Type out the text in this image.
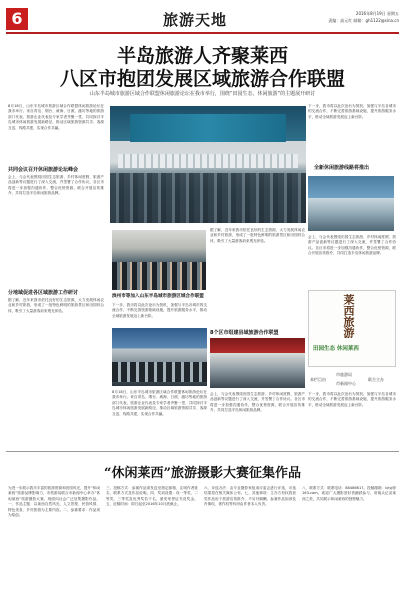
6	旅游天地	2016年8月19日 星期五
责编：高元红 邮箱：gh1122@sina.cn
半岛旅游人齐聚莱西
八区市抱团发展区域旅游合作联盟
山东半岛城市旅游区域合作联盟休闲旅游论坛在我市举行，围绕“田园生态，休闲旅游”的主题展开研讨
8月18日，山东半岛城市旅游区域合作联盟休闲旅游论坛在我市举行。来自青岛、烟台、威海、日照、潍坊等地的旅游部门代表，旅游企业代表及专家学者齐聚一堂，共同探讨半岛城市休闲旅游发展新路径，推动区域旅游资源共享、客源互送、线路共建，实现合作共赢。
共同会议召开休闲旅游论坛峰会
会上，与会代表围绕田园生态旅游、乡村休闲度假、旅游产品创新等议题进行了深入交流，并签署了合作协议。各区市将进一步加强沟通协作，整合优势资源，联合开展宣传推介，共同打造半岛休闲旅游品牌。
分地域促进各区域旅游工作研讨
据了解，近年来我市依托良好的生态资源，大力发展休闲农业和乡村旅游，形成了一批特色鲜明的旅游景区和田园综合体，吸引了大量游客前来观光体验。
下一步，我市将以此次论坛为契机，加强与半岛各城市的交流合作，不断完善旅游基础设施，提升旅游服务水平，推动全域旅游发展迈上新台阶。
全新休闲旅游线路将推出
会上，与会代表围绕田园生态旅游、乡村休闲度假、旅游产品创新等议题进行了深入交流，并签署了合作协议。各区市将进一步加强沟通协作，整合优势资源，联合开展宣传推介，共同打造半岛休闲旅游品牌。
据了解，近年来我市依托良好的生态资源，大力发展休闲农业和乡村旅游，形成了一批特色鲜明的旅游景区和田园综合体，吸引了大量游客前来观光体验。
滨州市等加入山东半岛城市旅游区域合作联盟
下一步，我市将以此次论坛为契机，加强与半岛各城市的交流合作，不断完善旅游基础设施，提升旅游服务水平，推动全域旅游发展迈上新台阶。
8个区市组建县域旅游合作联盟
8月18日，山东半岛城市旅游区域合作联盟休闲旅游论坛在我市举行。来自青岛、烟台、威海、日照、潍坊等地的旅游部门代表，旅游企业代表及专家学者齐聚一堂，共同探讨半岛城市休闲旅游发展新路径，推动区域旅游资源共享、客源互送、线路共建，实现合作共赢。
会上，与会代表围绕田园生态旅游、乡村休闲度假、旅游产品创新等议题进行了深入交流，并签署了合作协议。各区市将进一步加强沟通协作，整合优势资源，联合开展宣传推介，共同打造半岛休闲旅游品牌。
莱西旅游
田园生态 休闲莱西
本栏目由
市旅游局
市新闻中心
联合主办
下一步，我市将以此次论坛为契机，加强与半岛各城市的交流合作，不断完善旅游基础设施，提升旅游服务水平，推动全域旅游发展迈上新台阶。
“休闲莱西”旅游摄影大赛征集作品
为进一步展示我市丰富的旅游资源和田园风光，提升“休闲莱西”旅游品牌影响力，市旅游局联合市新闻中心举办“休闲莱西”旅游摄影大赛，现面向社会广泛征集摄影作品。一、作品主题：以莱西自然风光、人文景观、民俗风情、特色美食、乡村旅游为主要内容。二、参赛要求：作品须为原创。
三、投稿方式：参赛作品请发送至指定邮箱，注明作者姓名、联系方式及作品说明。四、奖项设置：设一等奖、二等奖、三等奖及优秀奖若干名，颁发荣誉证书及奖金。五、征稿时间：即日起至2016年10月底截止。
六、评选办法：由专业摄影家组成评委会进行评选，评选结果将在相关媒体公布。七、其他事项：主办方有权将获奖作品用于旅游宣传推介，不另付稿酬。参赛作品如涉及肖像权、著作权等纠纷由作者本人负责。
八、联系方式：联系电话：88486617。投稿邮箱：lxlyj@163.com。欢迎广大摄影爱好者踊跃参与，用镜头记录莱西之美，共同展示休闲莱西的独特魅力。
